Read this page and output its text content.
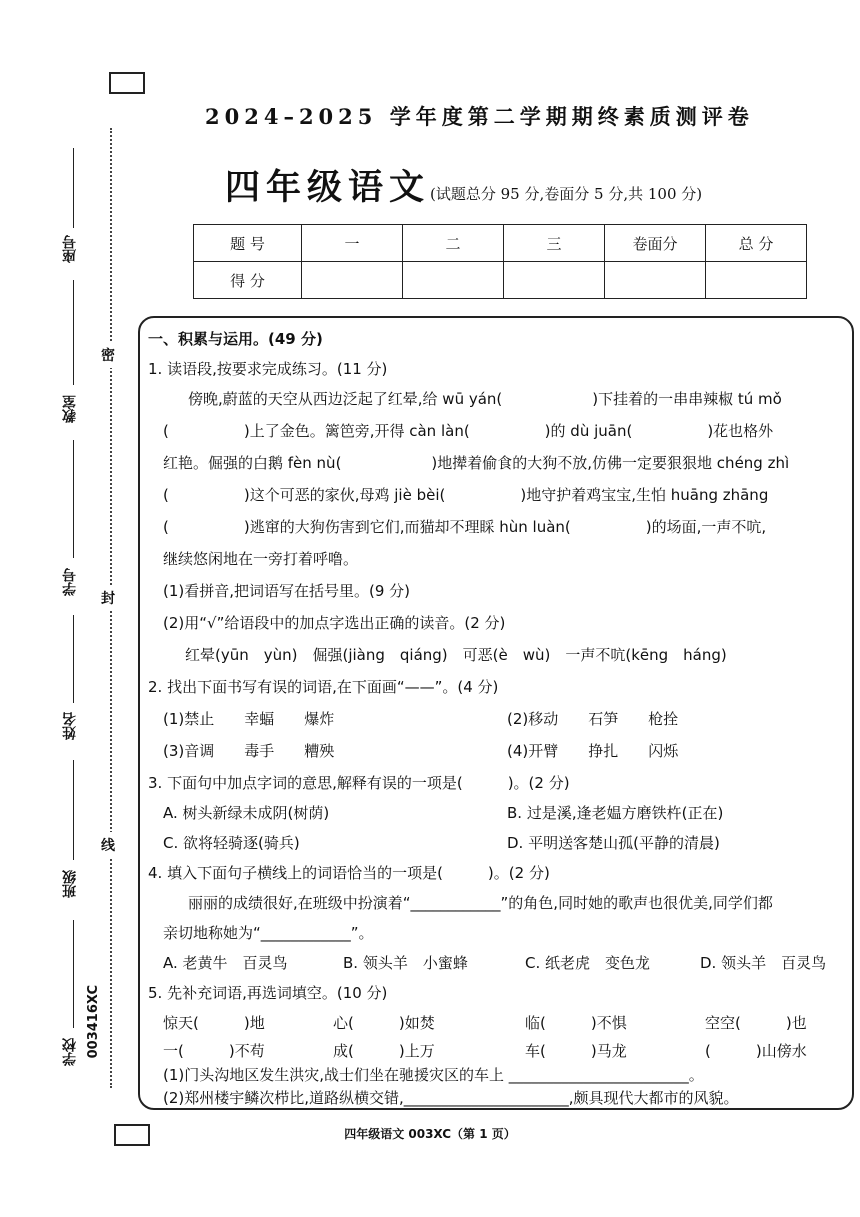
密
封
线
座号
教室
学号
姓名
班级
学校 003416XC
2024–2025 学年度第二学期期终素质测评卷
四年级语文(试题总分 95 分,卷面分 5 分,共 100 分)
题 号	一	二	三	卷面分	总 分
得 分					
一、积累与运用。(49 分)
1. 读语段,按要求完成练习。(11 分)
傍晚,蔚蓝的天空从西边泛起了红晕,给 wū yán(　　　　　　)下挂着的一串串辣椒 tú mǒ
(　　　　　)上了金色。篱笆旁,开得 càn làn(　　　　　)的 dù juān(　　　　　)花也格外
红艳。倔强的白鹅 fèn nù(　　　　　　)地撵着偷食的大狗不放,仿佛一定要狠狠地 chéng zhì
(　　　　　)这个可恶的家伙,母鸡 jiè bèi(　　　　　)地守护着鸡宝宝,生怕 huāng zhāng
(　　　　　)逃窜的大狗伤害到它们,而猫却不理睬 hùn luàn(　　　　　)的场面,一声不吭,
继续悠闲地在一旁打着呼噜。
(1)看拼音,把词语写在括号里。(9 分)
(2)用“√”给语段中的加点字选出正确的读音。(2 分)
红晕(yūn　yùn)　倔强(jiàng　qiáng)　可恶(è　wù)　一声不吭(kēng　háng)
2. 找出下面书写有误的词语,在下面画“——”。(4 分)
(1)禁止　　幸蝠　　爆炸	(2)移动　　石笋　　枪拴
(3)音调　　毒手　　糟殃	(4)开臂　　挣扎　　闪烁
3. 下面句中加点字词的意思,解释有误的一项是(　　　)。(2 分)
A. 树头新绿未成阴(树荫)	B. 过是溪,逢老媪方磨铁杵(正在)
C. 欲将轻骑逐(骑兵)	D. 平明送客楚山孤(平静的清晨)
4. 填入下面句子横线上的词语恰当的一项是(　　　)。(2 分)
丽丽的成绩很好,在班级中扮演着“____________”的角色,同时她的歌声也很优美,同学们都
亲切地称她为“____________”。
A. 老黄牛　百灵鸟	B. 领头羊　小蜜蜂	C. 纸老虎　变色龙	D. 领头羊　百灵鸟
5. 先补充词语,再选词填空。(10 分)
惊天(　　　)地	心(　　　)如焚	临(　　　)不惧	空空(　　　)也
一(　　　)不苟	成(　　　)上万	车(　　　)马龙	(　　　)山傍水
(1)门头沟地区发生洪灾,战士们坐在驰援灾区的车上 ________________________。
(2)郑州楼宇鳞次栉比,道路纵横交错,______________________,颇具现代大都市的风貌。
四年级语文 003XC（第 1 页）
